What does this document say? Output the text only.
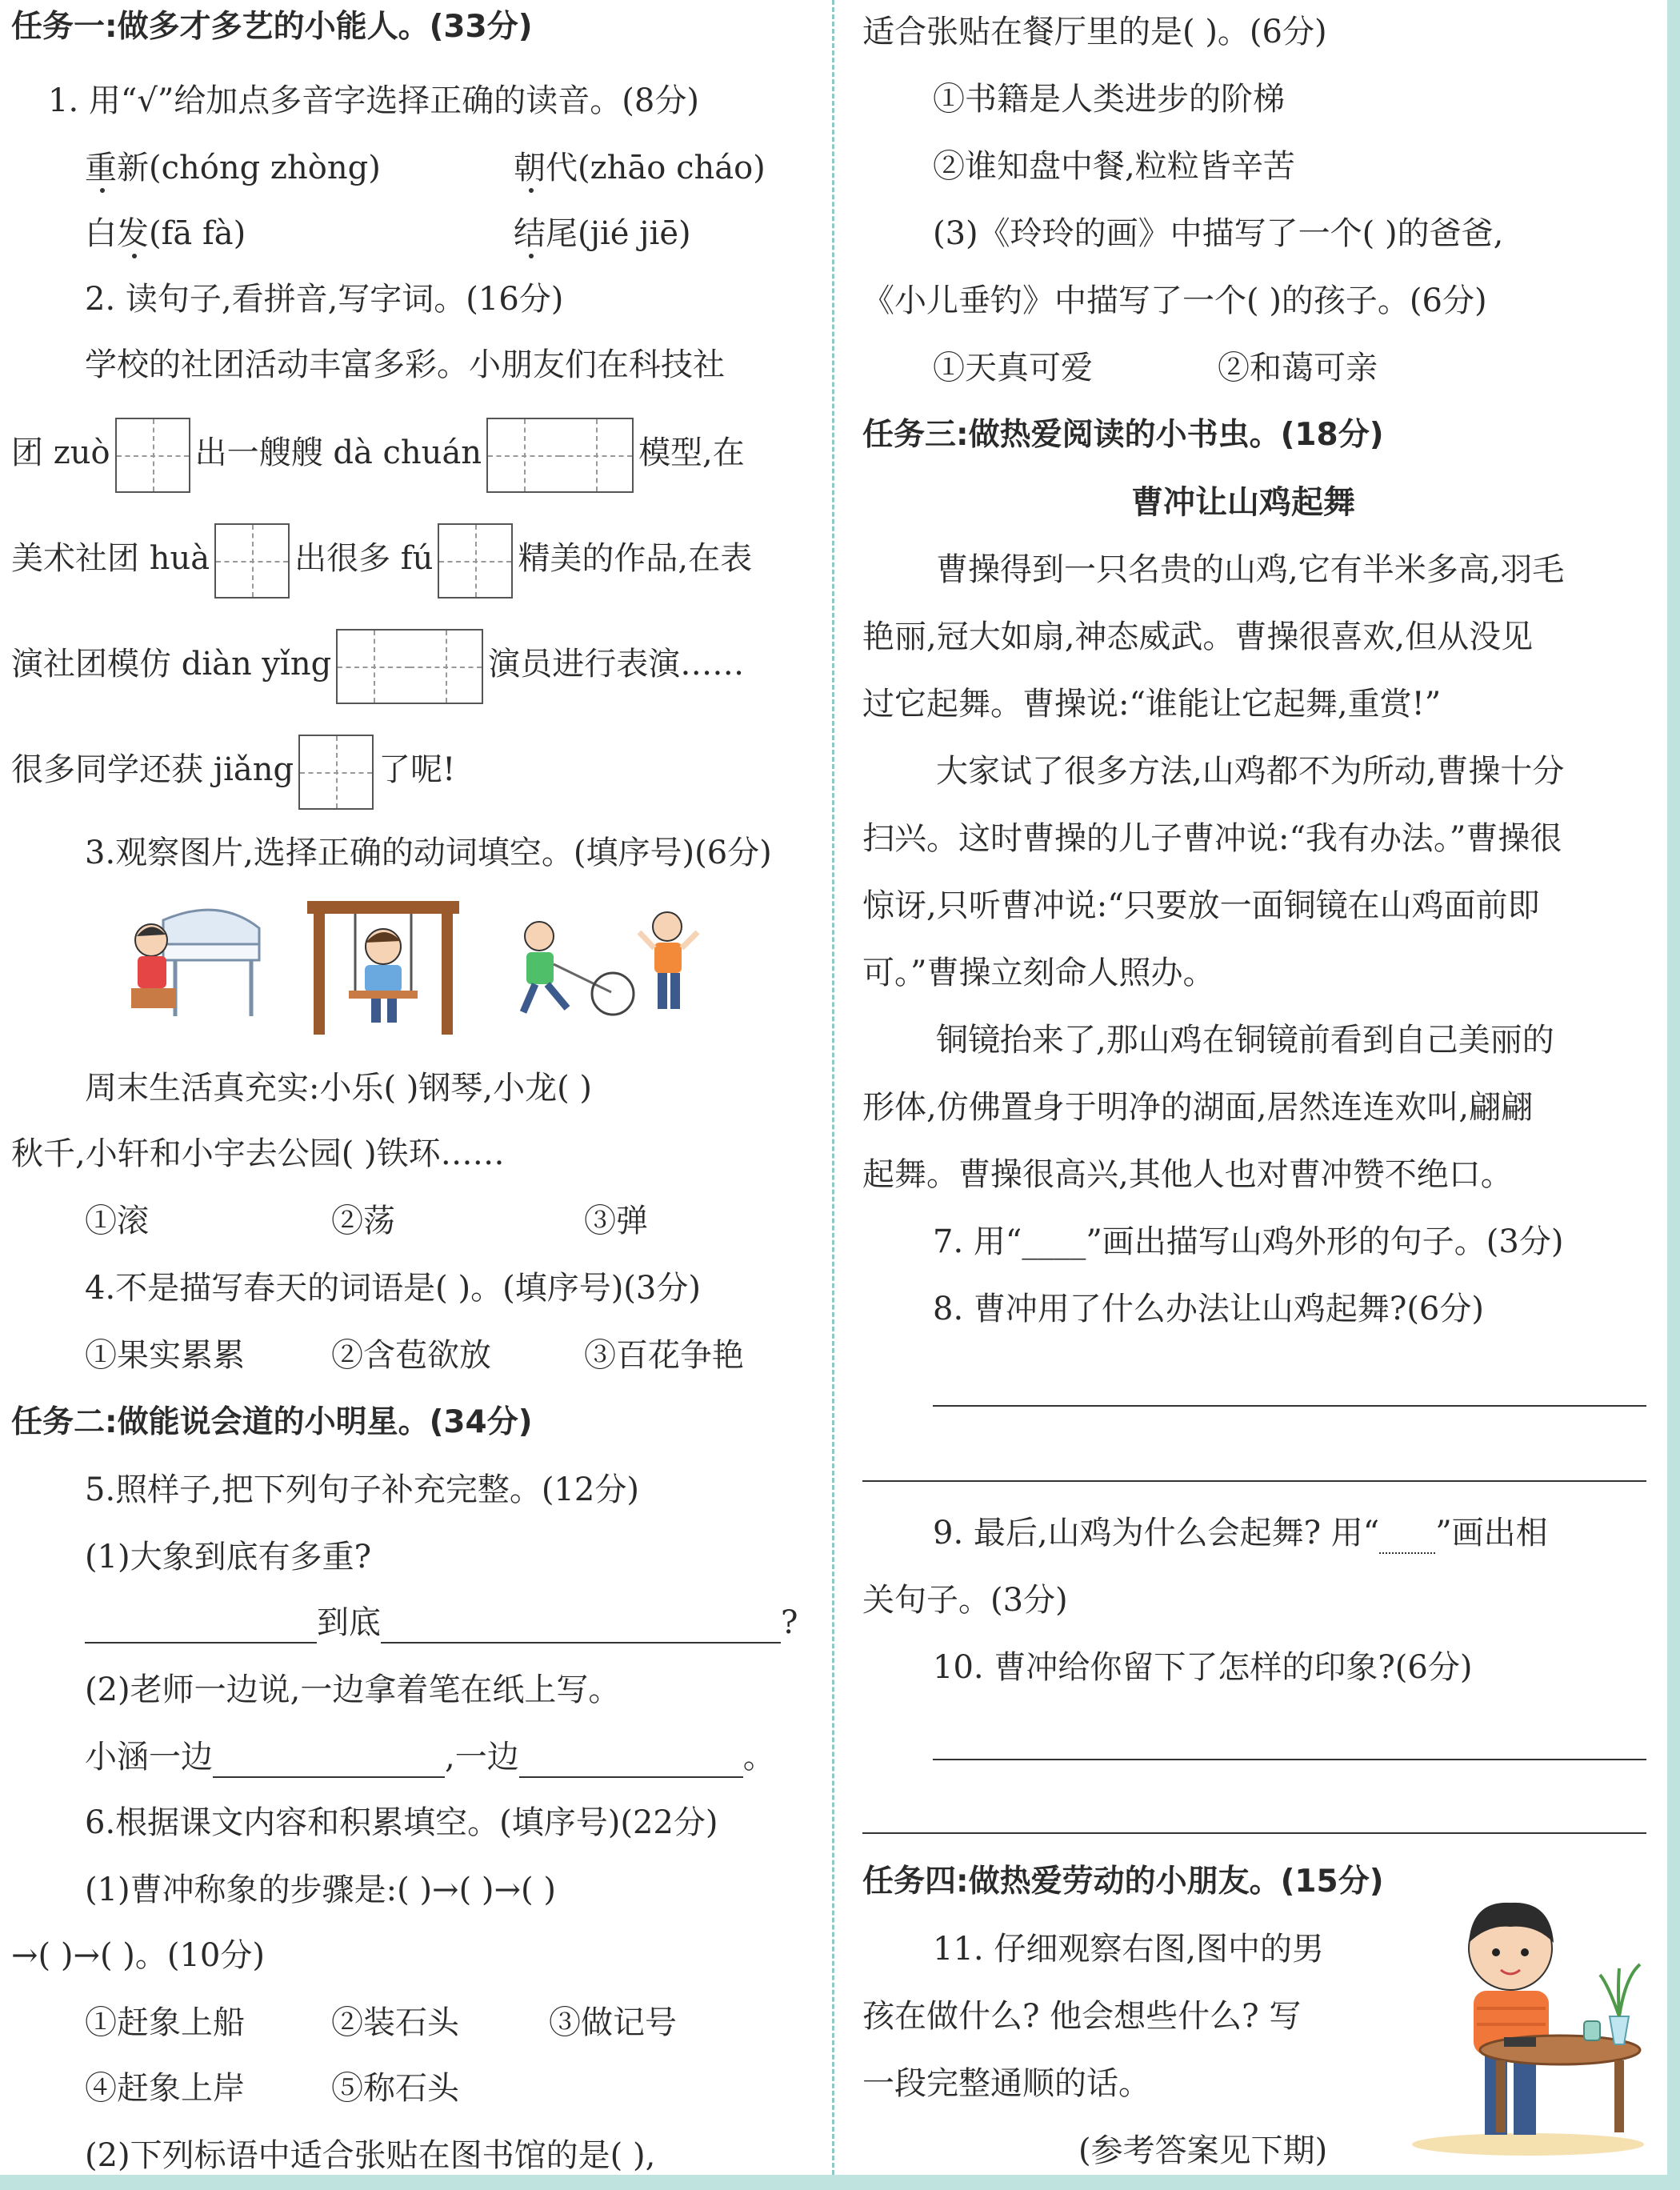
任务一:做多才多艺的小能人。(33分)
1. 用“√”给加点多音字选择正确的读音。(8分)
重新(chóng zhòng)	朝代(zhāo cháo)
白发(fā fà)	结尾(jié jiē)
2. 读句子,看拼音,写字词。(16分)
学校的社团活动丰富多彩。小朋友们在科技社
团 zuò	出一艘艘 dà chuán	模型,在
美术社团 huà	出很多 fú	精美的作品,在表
演社团模仿 diàn yǐng	演员进行表演……
很多同学还获 jiǎng	了呢!
3.观察图片,选择正确的动词填空。(填序号)(6分)
周末生活真充实:小乐( )钢琴,小龙( )
秋千,小轩和小宇去公园( )铁环……
①滚	②荡	③弹
4.不是描写春天的词语是( )。(填序号)(3分)
①果实累累	②含苞欲放	③百花争艳
任务二:做能说会道的小明星。(34分)
5.照样子,把下列句子补充完整。(12分)
(1)大象到底有多重?
到底	?
(2)老师一边说,一边拿着笔在纸上写。
小涵一边	,一边	。
6.根据课文内容和积累填空。(填序号)(22分)
(1)曹冲称象的步骤是:( )→( )→( )
→( )→( )。(10分)
①赶象上船	②装石头	③做记号
④赶象上岸	⑤称石头
(2)下列标语中适合张贴在图书馆的是( ),
适合张贴在餐厅里的是( )。(6分)
①书籍是人类进步的阶梯
②谁知盘中餐,粒粒皆辛苦
(3)《玲玲的画》中描写了一个( )的爸爸,
《小儿垂钓》中描写了一个( )的孩子。(6分)
①天真可爱	②和蔼可亲
任务三:做热爱阅读的小书虫。(18分)
曹冲让山鸡起舞
曹操得到一只名贵的山鸡,它有半米多高,羽毛
艳丽,冠大如扇,神态威武。曹操很喜欢,但从没见
过它起舞。曹操说:“谁能让它起舞,重赏!”
大家试了很多方法,山鸡都不为所动,曹操十分
扫兴。这时曹操的儿子曹冲说:“我有办法。”曹操很
惊讶,只听曹冲说:“只要放一面铜镜在山鸡面前即
可。”曹操立刻命人照办。
铜镜抬来了,那山鸡在铜镜前看到自己美丽的
形体,仿佛置身于明净的湖面,居然连连欢叫,翩翩
起舞。曹操很高兴,其他人也对曹冲赞不绝口。
7. 用“____”画出描写山鸡外形的句子。(3分)
8. 曹冲用了什么办法让山鸡起舞?(6分)
9. 最后,山鸡为什么会起舞? 用“ ”画出相
关句子。(3分)
10. 曹冲给你留下了怎样的印象?(6分)
任务四:做热爱劳动的小朋友。(15分)
11. 仔细观察右图,图中的男
孩在做什么? 他会想些什么? 写
一段完整通顺的话。
(参考答案见下期)
